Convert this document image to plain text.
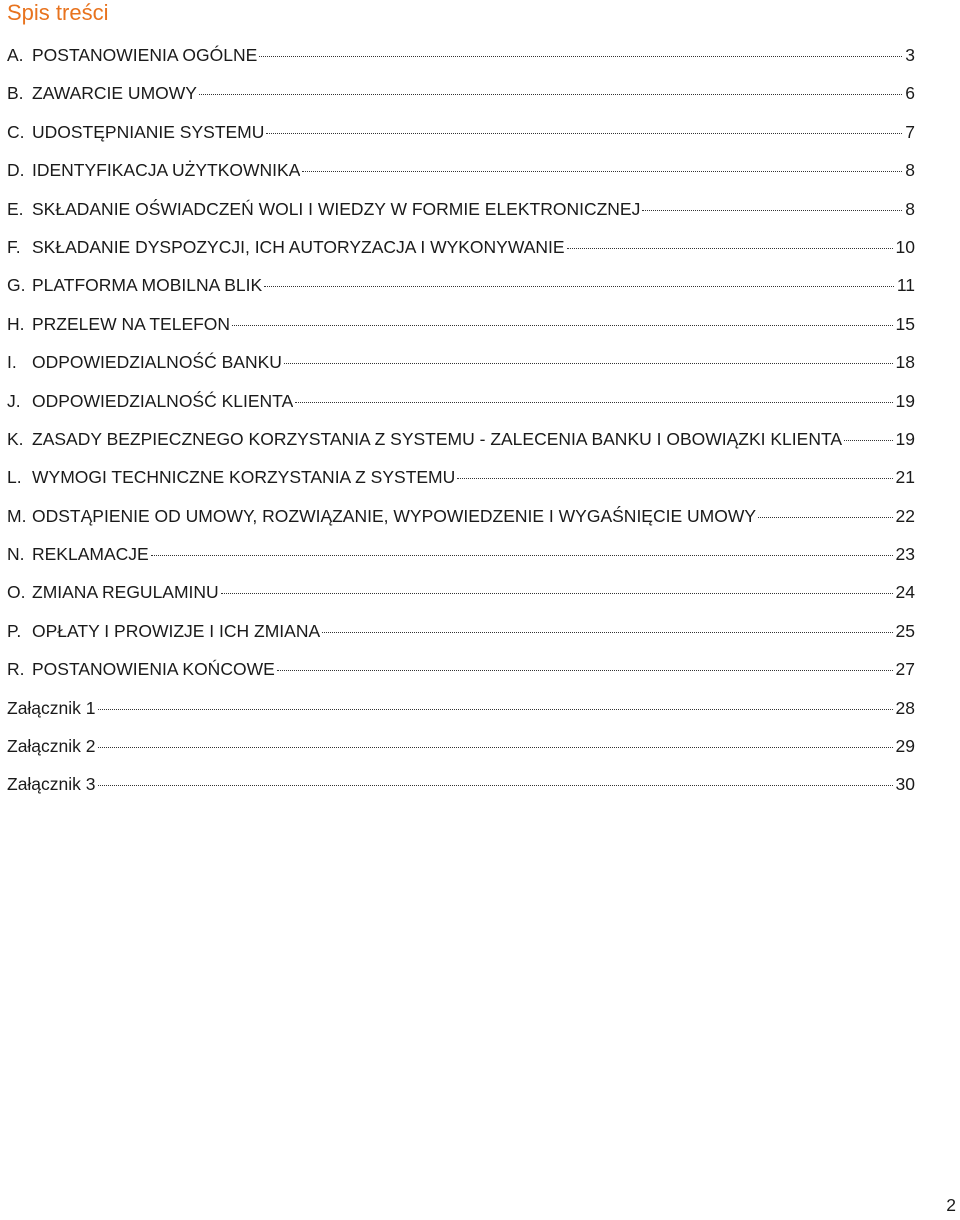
Spis treści
A. POSTANOWIENIA OGÓLNE	3
B. ZAWARCIE UMOWY	6
C. UDOSTĘPNIANIE SYSTEMU	7
D. IDENTYFIKACJA UŻYTKOWNIKA	8
E. SKŁADANIE OŚWIADCZEŃ WOLI I WIEDZY W FORMIE ELEKTRONICZNEJ	8
F. SKŁADANIE DYSPOZYCJI, ICH AUTORYZACJA I WYKONYWANIE	10
G. PLATFORMA MOBILNA BLIK	11
H. PRZELEW NA TELEFON	15
I. ODPOWIEDZIALNOŚĆ BANKU	18
J. ODPOWIEDZIALNOŚĆ KLIENTA	19
K. ZASADY BEZPIECZNEGO KORZYSTANIA Z SYSTEMU - ZALECENIA BANKU I OBOWIĄZKI KLIENTA	19
L. WYMOGI TECHNICZNE KORZYSTANIA Z SYSTEMU	21
M. ODSTĄPIENIE OD UMOWY, ROZWIĄZANIE, WYPOWIEDZENIE I WYGAŚNIĘCIE UMOWY	22
N. REKLAMACJE	23
O. ZMIANA REGULAMINU	24
P. OPŁATY I PROWIZJE I ICH ZMIANA	25
R. POSTANOWIENIA KOŃCOWE	27
Załącznik 1	28
Załącznik 2	29
Załącznik 3	30
2
